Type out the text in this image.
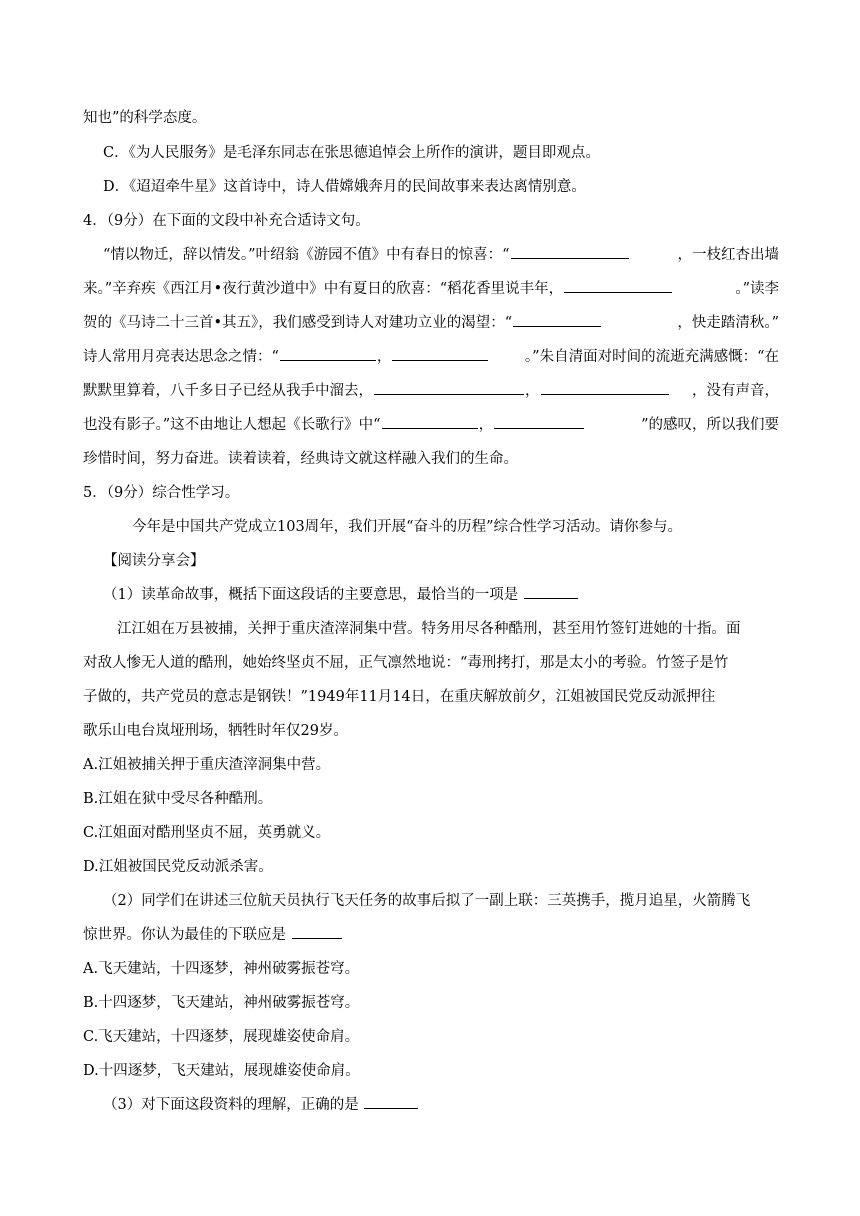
知也”的科学态度。
C．《为人民服务》是毛泽东同志在张思德追悼会上所作的演讲，题目即观点。
D．《迢迢牵牛星》这首诗中，诗人借嫦娥奔月的民间故事来表达离情别意。
4．（9分）在下面的文段中补充合适诗文句。
“情以物迁，辞以情发。”叶绍翁《游园不值》中有春日的惊喜：“	，一枝红杏出墙
来。”辛弃疾《西江月•夜行黄沙道中》中有夏日的欣喜：“稻花香里说丰年，	。”读李
贺的《马诗二十三首•其五》，我们感受到诗人对建功立业的渴望：“	，快走踏清秋。”
诗人常用月亮表达思念之情：“	，	。”朱自清面对时间的流逝充满感慨：“在
默默里算着，八千多日子已经从我手中溜去，	，	，没有声音，
也没有影子。”这不由地让人想起《长歌行》中“	，	”的感叹，所以我们要
珍惜时间，努力奋进。读着读着，经典诗文就这样融入我们的生命。
5．（9分）综合性学习。
今年是中国共产党成立103周年，我们开展“奋斗的历程”综合性学习活动。请你参与。
【阅读分享会】
（1）读革命故事，概括下面这段话的主要意思，最恰当的一项是
江江姐在万县被捕，关押于重庆渣滓洞集中营。特务用尽各种酷刑，甚至用竹签钉进她的十指。面
对敌人惨无人道的酷刑，她始终坚贞不屈，正气凛然地说：“毒刑拷打，那是太小的考验。竹签子是竹
子做的，共产党员的意志是钢铁！”1949年11月14日，在重庆解放前夕，江姐被国民党反动派押往
歌乐山电台岚垭刑场，牺牲时年仅29岁。
A.江姐被捕关押于重庆渣滓洞集中营。
B.江姐在狱中受尽各种酷刑。
C.江姐面对酷刑坚贞不屈，英勇就义。
D.江姐被国民党反动派杀害。
（2）同学们在讲述三位航天员执行飞天任务的故事后拟了一副上联：三英携手，揽月追星，火箭腾飞
惊世界。你认为最佳的下联应是
A.飞天建站，十四逐梦，神州破雾振苍穹。
B.十四逐梦，飞天建站，神州破雾振苍穹。
C.飞天建站，十四逐梦，展现雄姿使命肩。
D.十四逐梦，飞天建站，展现雄姿使命肩。
（3）对下面这段资料的理解，正确的是
